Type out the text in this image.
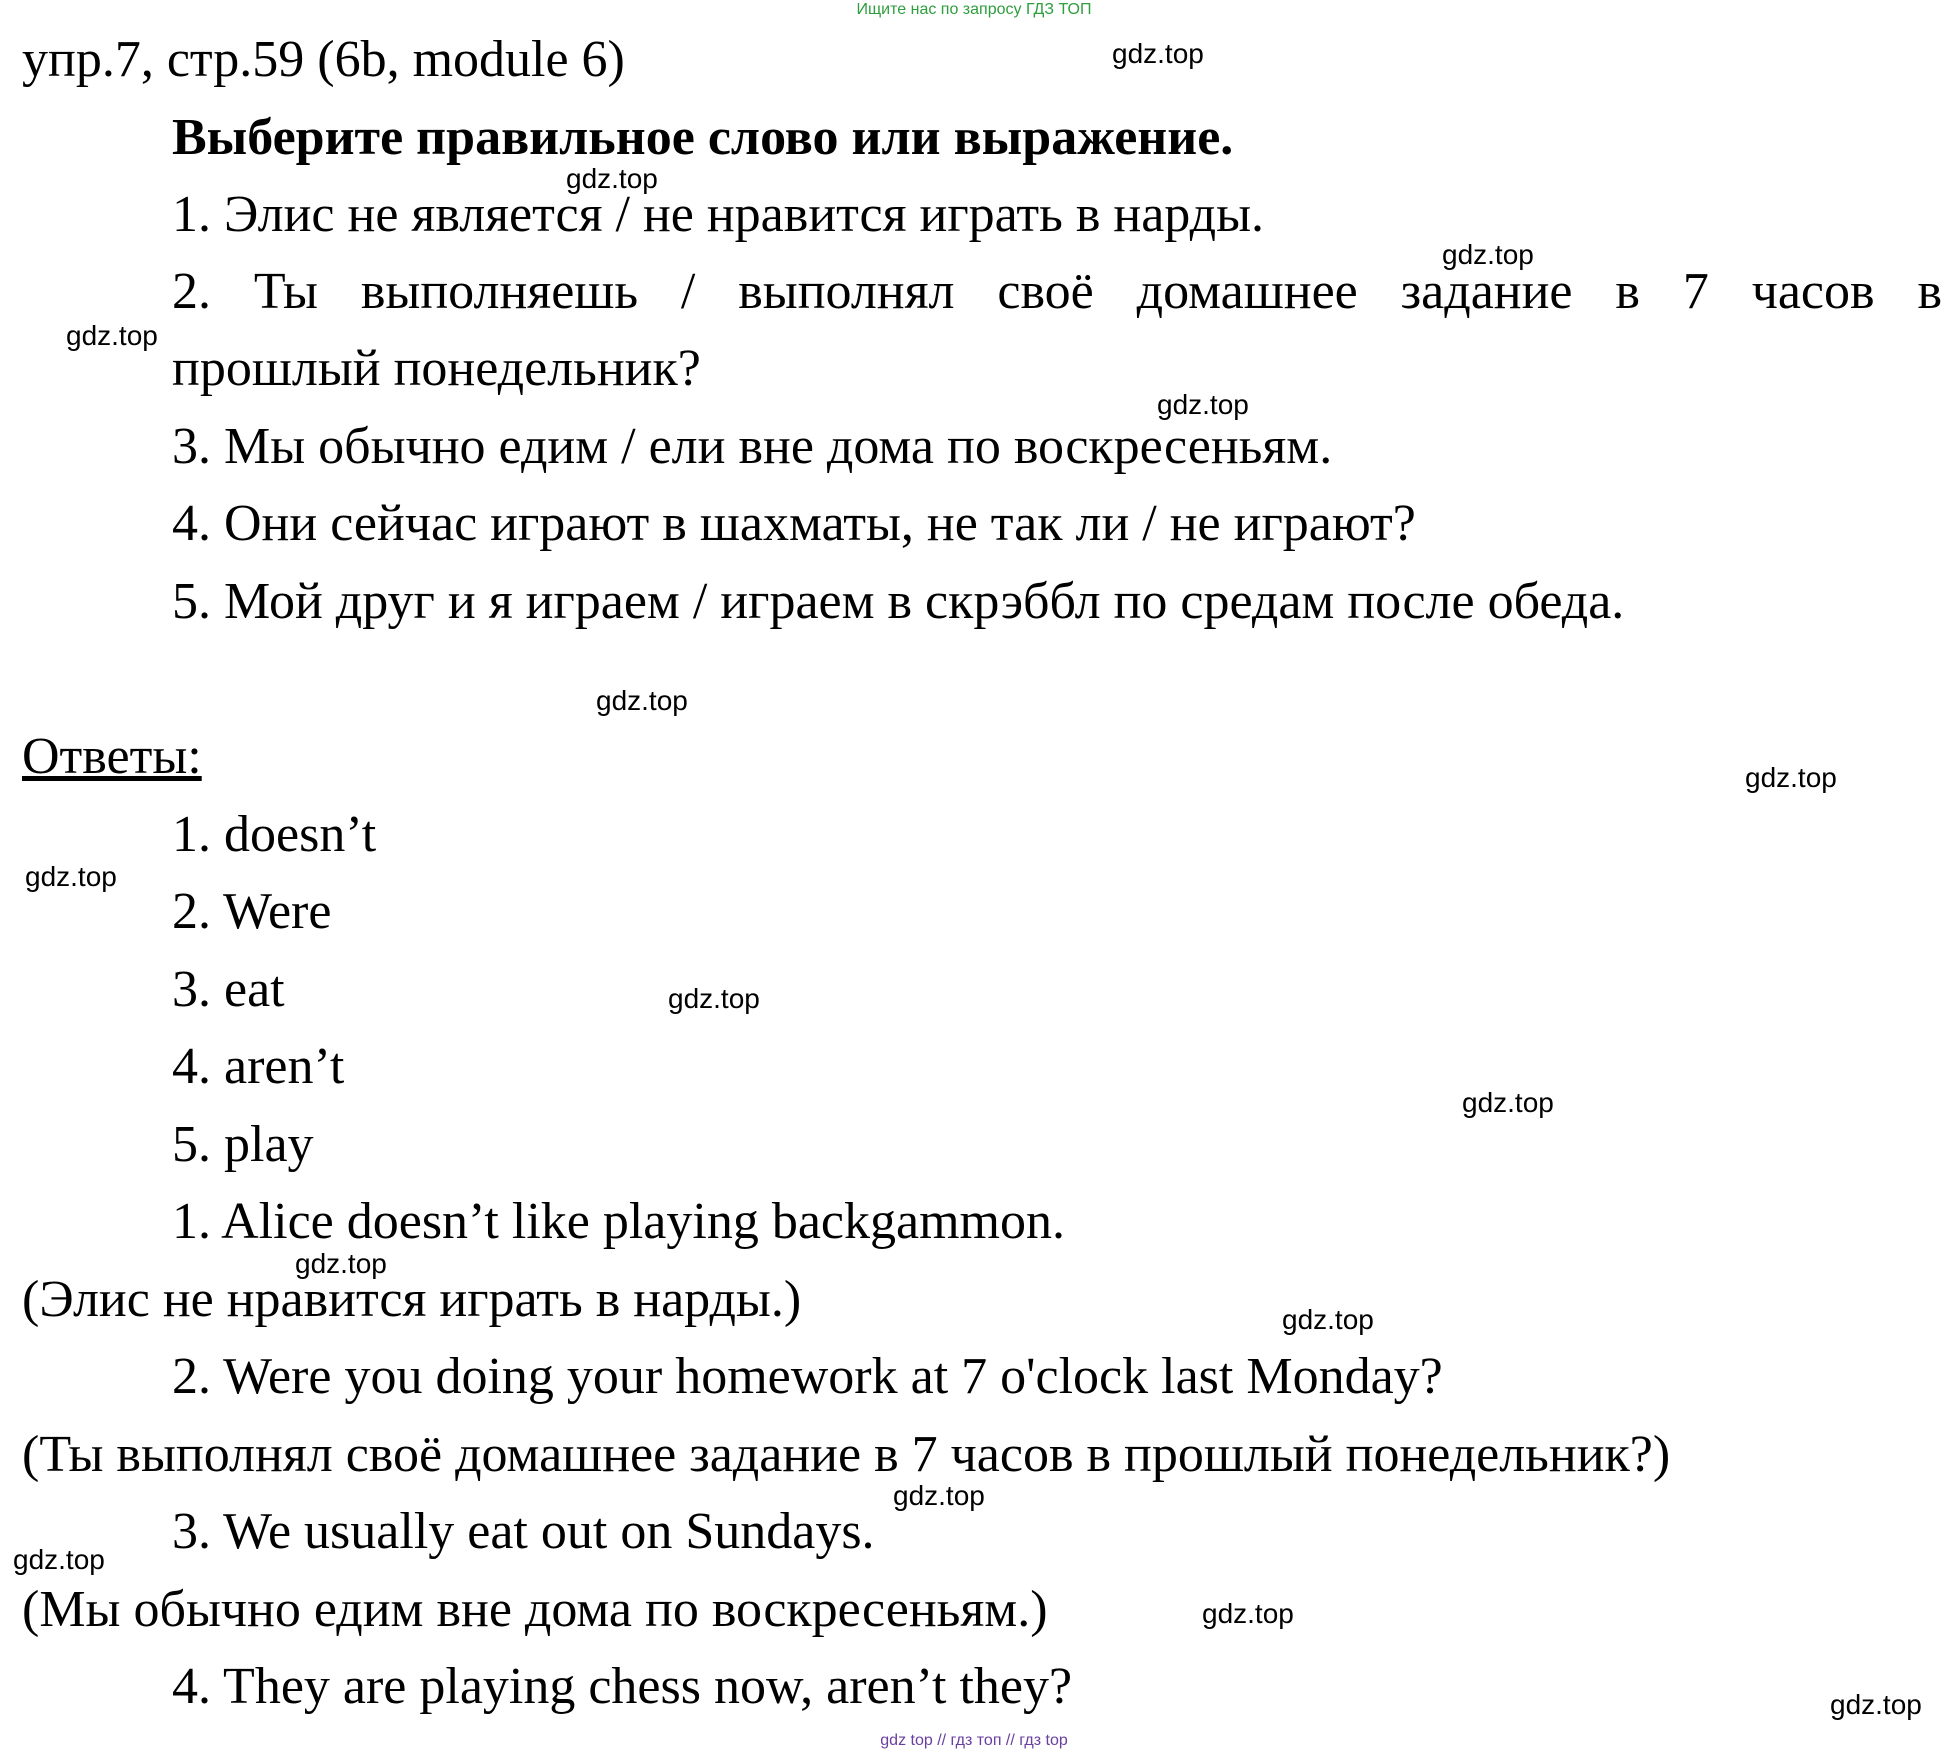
Ищите нас по запросу ГДЗ ТОП
упр.7, стр.59 (6b, module 6)
Выберите правильное слово или выражение.
1. Элис не является / не нравится играть в нарды.
2. Ты выполняешь / выполнял своё домашнее задание в 7 часов в
прошлый понедельник?
3. Мы обычно едим / ели вне дома по воскресеньям.
4. Они сейчас играют в шахматы, не так ли / не играют?
5. Мой друг и я играем / играем в скрэббл по средам после обеда.
Ответы:
1. doesn’t
2. Were
3. eat
4. aren’t
5. play
1. Alice doesn’t like playing backgammon.
(Элис не нравится играть в нарды.)
2. Were you doing your homework at 7 o'clock last Monday?
(Ты выполнял своё домашнее задание в 7 часов в прошлый понедельник?)
3. We usually eat out on Sundays.
(Мы обычно едим вне дома по воскресеньям.)
4. They are playing chess now, aren’t they?
gdz.top
gdz.top
gdz.top
gdz.top
gdz.top
gdz.top
gdz.top
gdz.top
gdz.top
gdz.top
gdz.top
gdz.top
gdz.top
gdz.top
gdz.top
gdz.top
gdz top // гдз топ // гдз top
